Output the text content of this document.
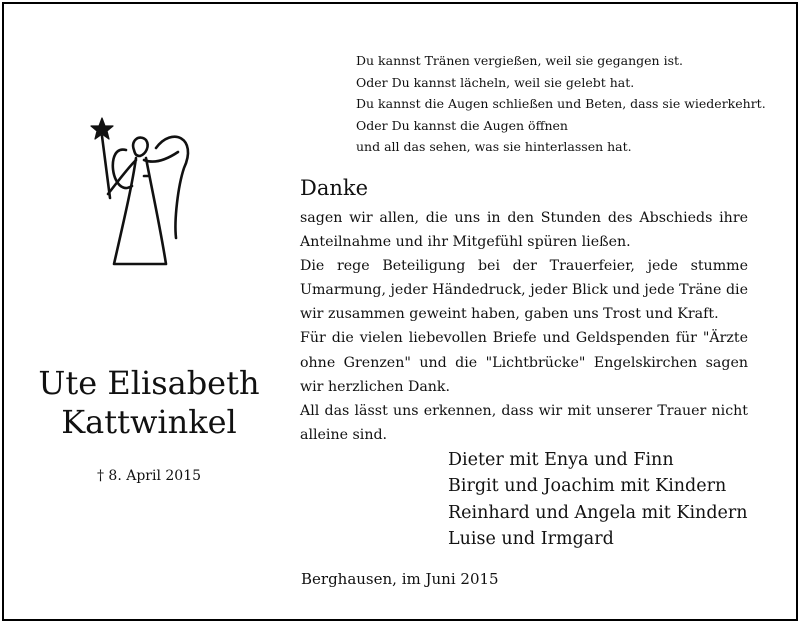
Du kannst Tränen vergießen, weil sie gegangen ist.
Oder Du kannst lächeln, weil sie gelebt hat.
Du kannst die Augen schließen und Beten, dass sie wiederkehrt.
Oder Du kannst die Augen öffnen
und all das sehen, was sie hinterlassen hat.
Ute Elisabeth
Kattwinkel
† 8. April 2015
Danke

sagen wir allen, die uns in den Stunden des Abschieds ihre Anteilnahme und ihr Mitgefühl spüren ließen.

Die rege Beteiligung bei der Trauerfeier, jede stumme Umarmung, jeder Händedruck, jeder Blick und jede Träne die wir zusammen geweint haben, gaben uns Trost und Kraft.

Für die vielen liebevollen Briefe und Geldspenden für "Ärzte ohne Grenzen" und die "Lichtbrücke" Engelskirchen sagen wir herzlichen Dank.

All das lässt uns erkennen, dass wir mit unserer Trauer nicht alleine sind.

Dieter mit Enya und Finn
Birgit und Joachim mit Kindern
Reinhard und Angela mit Kindern
Luise und Irmgard
Berghausen, im Juni 2015
